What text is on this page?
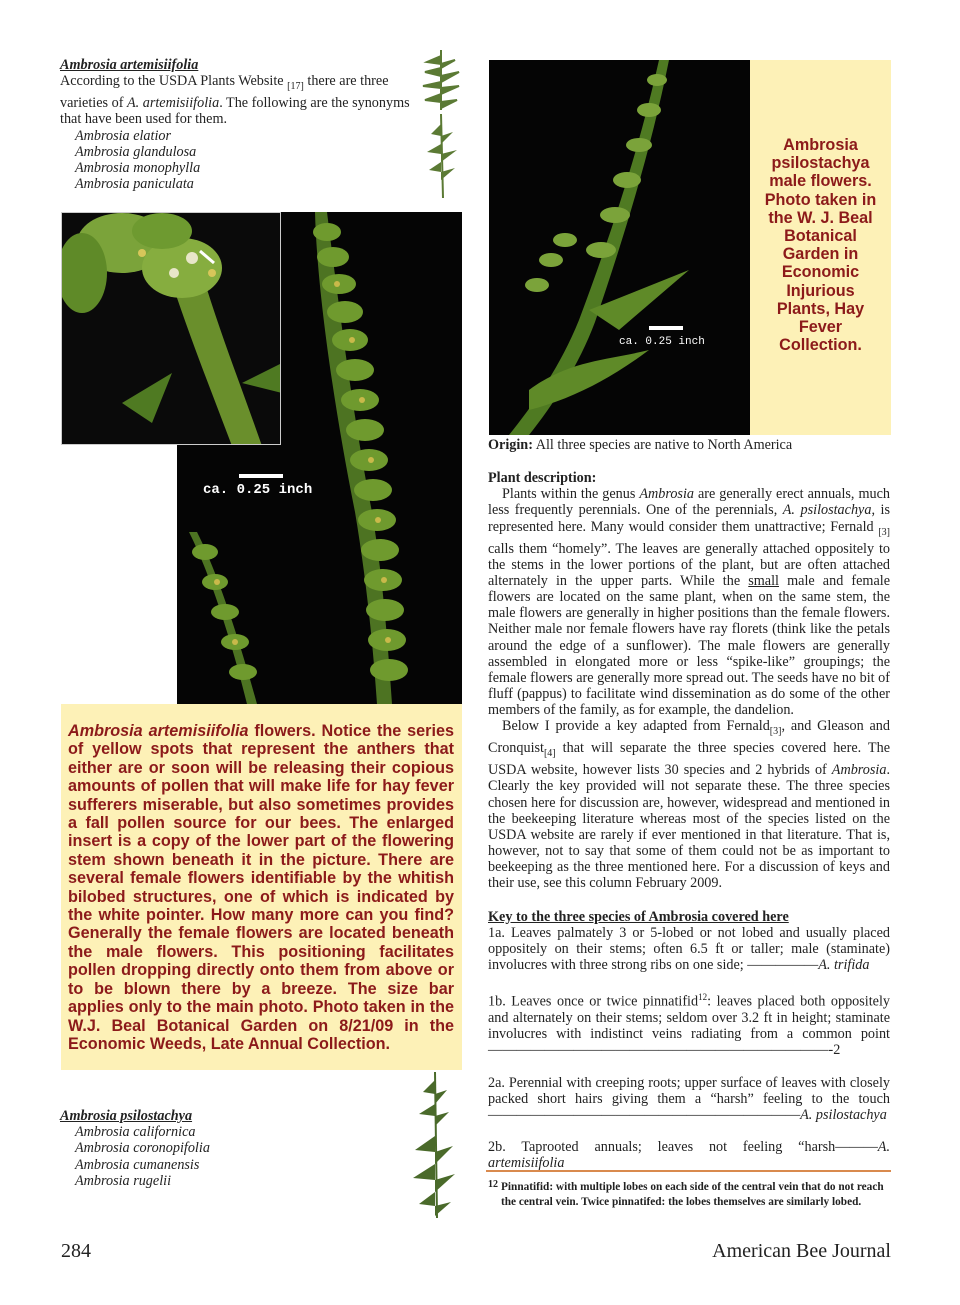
Ambrosia artemisiifolia
According to the USDA Plants Website $_{[17]}$ there are three varieties of A. artemisiifolia. The following are the synonyms that have been used for them.
Ambrosia elatior
Ambrosia glandulosa
Ambrosia monophylla
Ambrosia paniculata
ca. 0.25 inch
ca. 0.25 inch
Ambrosia psilostachya male flowers. Photo taken in the W. J. Beal Botanical Garden in Economic Injurious Plants, Hay Fever Collection.
Ambrosia artemisiifolia flowers. Notice the series of yellow spots that represent the anthers that either are or soon will be releasing their copious amounts of pollen that will make life for hay fever sufferers miserable, but also sometimes provides a fall pollen source for our bees. The enlarged insert is a copy of the lower part of the flowering stem shown beneath it in the picture. There are several female flowers identifiable by the whitish bilobed structures, one of which is indicated by the white pointer. How many more can you find? Generally the female flowers are located beneath the male flowers. This positioning facilitates pollen dropping directly onto them from above or to be blown there by a breeze. The size bar applies only to the main photo. Photo taken in the W.J. Beal Botanical Garden on 8/21/09 in the Economic Weeds, Late Annual Collection.
Origin: All three species are native to North America
Plant description:
Plants within the genus Ambrosia are generally erect annuals, much less frequently perennials. One of the perennials, A. psilostachya, is represented here. Many would consider them unattractive; Fernald $_{[3]}$ calls them “homely”. The leaves are generally attached oppositely to the stems in the lower portions of the plant, but are often attached alternately in the upper parts. While the small male and female flowers are located on the same plant, when on the same stem, the male flowers are generally in higher positions than the female flowers. Neither male nor female flowers have ray florets (think like the petals around the edge of a sunflower). The male flowers are generally assembled in elongated more or less “spike-like” groupings; the female flowers are generally more spread out. The seeds have no bit of fluff (pappus) to facilitate wind dissemination as do some of the other members of the family, as for example, the dandelion.
Below I provide a key adapted from Fernald$_{[3]}$, and Gleason and Cronquist$_{[4]}$ that will separate the three species covered here. The USDA website, however lists 30 species and 2 hybrids of Ambrosia. Clearly the key provided will not separate these. The three species chosen here for discussion are, however, widespread and mentioned in the beekeeping literature whereas most of the species listed on the USDA website are rarely if ever mentioned in that literature. That is, however, not to say that some of them could not be as important to beekeeping as the three mentioned here. For a discussion of keys and their use, see this column February 2009.
Key to the three species of Ambrosia covered here
1a. Leaves palmately 3 or 5-lobed or not lobed and usually placed oppositely on their stems; often 6.5 ft or taller; male (staminate) involucres with three strong ribs on one side; —————A. trifida
1b. Leaves once or twice pinnatifid$^{12}$: leaves placed both oppositely and alternately on their stems; seldom over 3.2 ft in height; staminate involucres with indistinct veins radiating from a common point————————————————————————-2
2a. Perennial with creeping roots; upper surface of leaves with closely packed short hairs giving them a “harsh” feeling to the touch ——————————————————————A. psilostachya
2b. Taprooted annuals; leaves not feeling “harsh———A. artemisiifolia
12 Pinnatifid: with multiple lobes on each side of the central vein that do not reach the central vein. Twice pinnatifed: the lobes themselves are similarly lobed.
Ambrosia psilostachya
Ambrosia californica
Ambrosia coronopifolia
Ambrosia cumanensis
Ambrosia rugelii
284	American Bee Journal
